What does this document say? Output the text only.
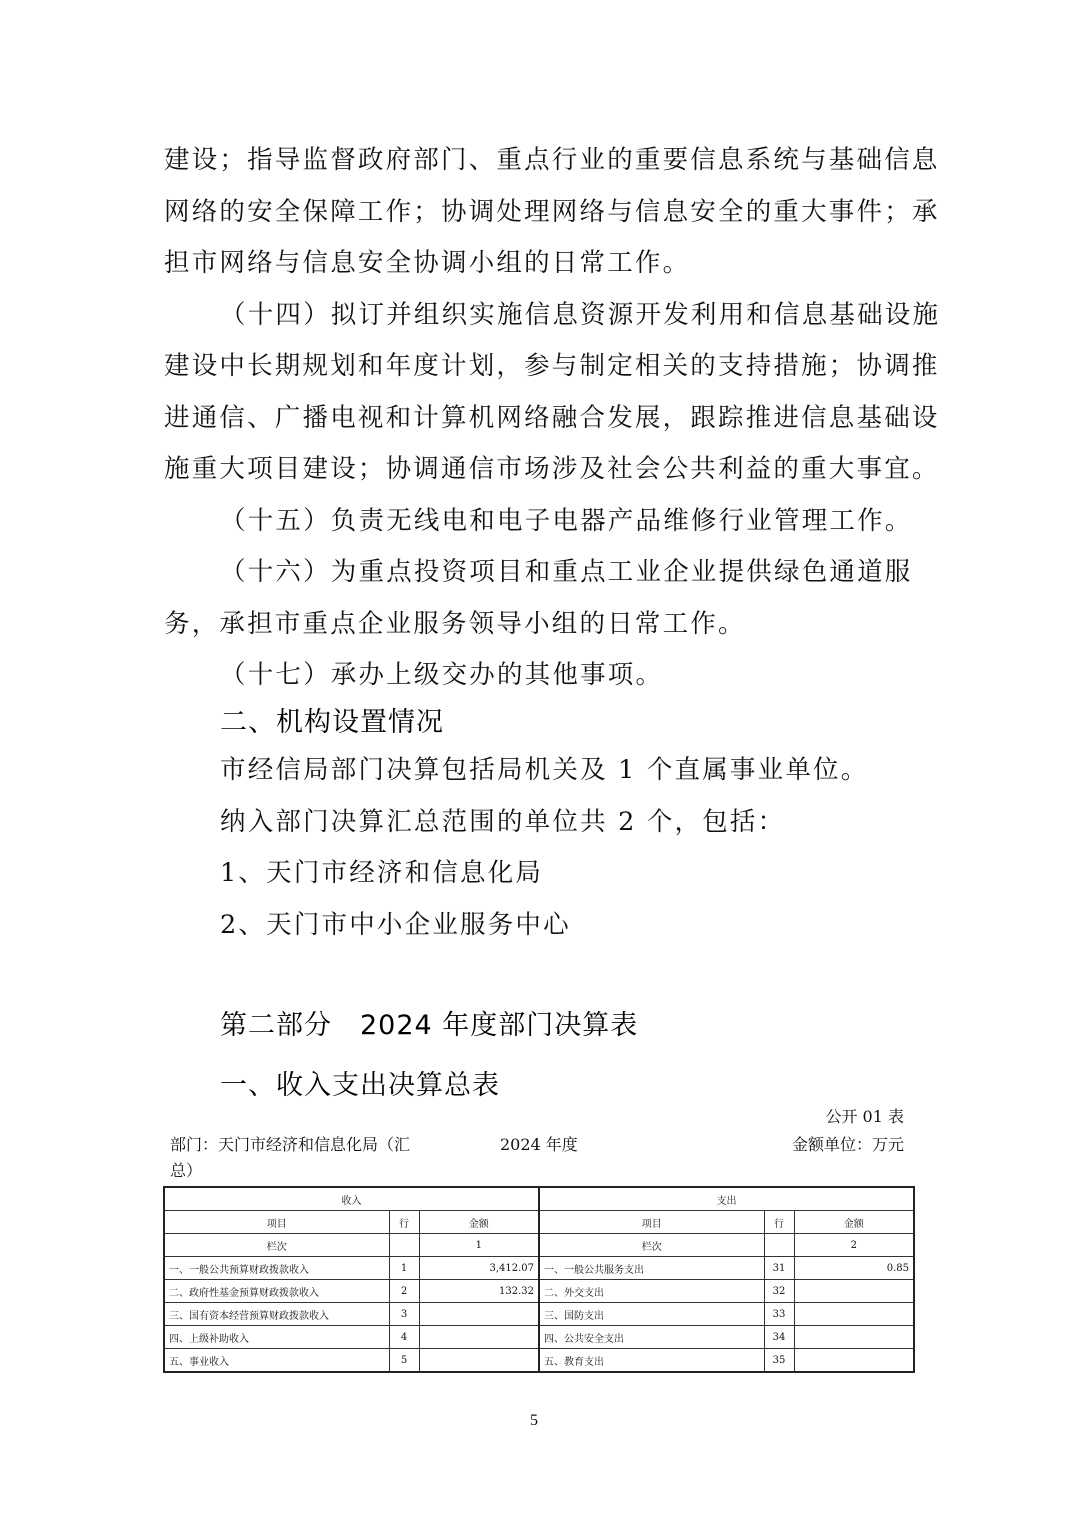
建设；指导监督政府部门、重点行业的重要信息系统与基础信息
网络的安全保障工作；协调处理网络与信息安全的重大事件；承
担市网络与信息安全协调小组的日常工作。
（十四）拟订并组织实施信息资源开发利用和信息基础设施
建设中长期规划和年度计划，参与制定相关的支持措施；协调推
进通信、广播电视和计算机网络融合发展，跟踪推进信息基础设
施重大项目建设；协调通信市场涉及社会公共利益的重大事宜。
（十五）负责无线电和电子电器产品维修行业管理工作。
（十六）为重点投资项目和重点工业企业提供绿色通道服
务，承担市重点企业服务领导小组的日常工作。
（十七）承办上级交办的其他事项。
二、机构设置情况
市经信局部门决算包括局机关及 1 个直属事业单位。
纳入部门决算汇总范围的单位共 2 个，包括：
1、天门市经济和信息化局
2、天门市中小企业服务中心
第二部分　2024 年度部门决算表
一、收入支出决算总表
公开 01 表
部门：天门市经济和信息化局（汇
总）
2024 年度	金额单位：万元
收入			支出		
项目	行	金额	项目	行	金额
栏次		1	栏次		2
一、一般公共预算财政拨款收入	1	3,412.07	一、一般公共服务支出	31	0.85
二、政府性基金预算财政拨款收入	2	132.32	二、外交支出	32	
三、国有资本经营预算财政拨款收入	3		三、国防支出	33	
四、上级补助收入	4		四、公共安全支出	34	
五、事业收入	5		五、教育支出	35	
5
